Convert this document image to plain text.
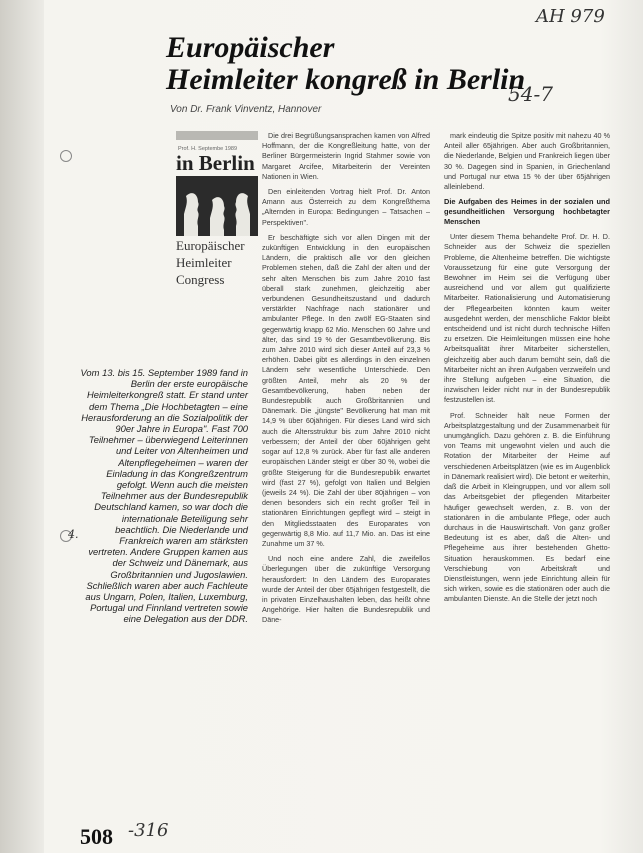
AH 979
54-7
4.
Europäischer
Heimleiter kongreß in Berlin
Von Dr. Frank Vinventz, Hannover
Prof. H. Septembe 1989
in Berlin
Europäischer
Heimleiter
Congress
Vom 13. bis 15. September 1989 fand in Berlin der erste europäische Heimleiterkongreß statt. Er stand unter dem Thema „Die Hochbetagten – eine Herausforderung an die Sozialpolitik der 90er Jahre in Europa". Fast 700 Teilnehmer – überwiegend Leiterinnen und Leiter von Altenheimen und Altenpflegeheimen – waren der Einladung in das Kongreßzentrum gefolgt. Wenn auch die meisten Teilnehmer aus der Bundesrepublik Deutschland kamen, so war doch die internationale Beteiligung sehr beachtlich. Die Niederlande und Frankreich waren am stärksten vertreten. Andere Gruppen kamen aus der Schweiz und Dänemark, aus Großbritannien und Jugoslawien. Schließlich waren aber auch Fachleute aus Ungarn, Polen, Italien, Luxemburg, Portugal und Finnland vertreten sowie eine Delegation aus der DDR.

Die drei Begrüßungsansprachen kamen von Alfred Hoffmann, der die Kongreßleitung hatte, von der Berliner Bürgermeisterin Ingrid Stahmer sowie von Margaret Arcifee, Mitarbeiterin der Vereinten Nationen in Wien.

Den einleitenden Vortrag hielt Prof. Dr. Anton Amann aus Österreich zu dem Kongreßthema „Alternden in Europa: Bedingungen – Tatsachen – Perspektiven".

Er beschäftigte sich vor allen Dingen mit der zukünftigen Entwicklung in den europäischen Ländern, die praktisch alle vor den gleichen Problemen stehen, daß die Zahl der alten und der sehr alten Menschen bis zum Jahre 2010 fast überall stark zunehmen, gleichzeitig aber verbundenen Gesundheitszustand und dadurch verstärkter Nachfrage nach stationärer und ambulanter Pflege. In den zwölf EG-Staaten sind gegenwärtig knapp 62 Mio. Menschen 60 Jahre und älter, das sind 19 % der Gesamtbevölkerung. Bis zum Jahre 2010 wird sich dieser Anteil auf 23,3 % erhöhen. Dabei gibt es allerdings in den einzelnen Ländern sehr wesentliche Unterschiede. Den größten Anteil, mehr als 20 % der Gesamtbevölkerung, haben neben der Bundesrepublik auch Großbritannien und Dänemark. Die „jüngste" Bevölkerung hat man mit 14,9 % über 60jährigen. Für dieses Land wird sich auch die Altersstruktur bis zum Jahre 2010 nicht verbessern; der Anteil der über 60jährigen geht sogar auf 12,8 % zurück. Aber für fast alle anderen europäischen Länder steigt er über 30 %, wobei die größte Steigerung für die Bundesrepublik erwartet wird (fast 27 %), gefolgt von Italien und Belgien (jeweils 24 %). Die Zahl der über 80jährigen – von denen besonders sich ein recht großer Teil in stationären Einrichtungen gepflegt wird – steigt in den Mitgliedsstaaten des Europarates von gegenwärtig 8,8 Mio. auf 11,7 Mio. an. Das ist eine Zunahme um 37 %.

Und noch eine andere Zahl, die zweifellos Überlegungen über die zukünftige Versorgung herausfordert: In den Ländern des Europarates wurde der Anteil der über 65jährigen festgestellt, die in privaten Einzelhaushalten leben, das heißt ohne Angehörige. Hier halten die Bundesrepublik und Däne-

mark eindeutig die Spitze positiv mit nahezu 40 % Anteil aller 65jährigen. Aber auch Großbritannien, die Niederlande, Belgien und Frankreich liegen über 30 %. Dagegen sind in Spanien, in Griechenland und Portugal nur etwa 15 % der über 65jährigen alleinlebend.

Die Aufgaben des Heimes in der sozialen und gesundheitlichen Versorgung hochbetagter Menschen

Unter diesem Thema behandelte Prof. Dr. H. D. Schneider aus der Schweiz die speziellen Probleme, die Altenheime betreffen. Die wichtigste Voraussetzung für eine gute Versorgung der Bewohner im Heim sei die Verfügung über ausreichend und vor allem gut qualifizierte Mitarbeiter. Rationalisierung und Automatisierung der Pflegearbeiten könnten kaum weiter ausgedehnt werden, der menschliche Faktor bleibt entscheidend und ist nicht durch technische Hilfen zu ersetzen. Die Heimleitungen müssen eine hohe Arbeitsqualität ihrer Mitarbeiter sicherstellen, gleichzeitig aber auch darum bemüht sein, daß die Mitarbeiter nicht an ihren Aufgaben verzweifeln und ihre Stellung aufgeben – eine Situation, die inzwischen leider nicht nur in der Bundesrepublik festzustellen ist.

Prof. Schneider hält neue Formen der Arbeitsplatzgestaltung und der Zusammenarbeit für unumgänglich. Dazu gehören z. B. die Einführung von Teams mit ungewohnt vielen und auch die Rotation der Mitarbeiter der Heime auf verschiedenen Arbeitsplätzen (wie es im Augenblick in Dänemark realisiert wird). Die betont er weiterhin, daß die Arbeit in Kleingruppen, und vor allem soll das Arbeitsgebiet der pflegenden Mitarbeiter häufiger gewechselt werden, z. B. von der stationären in die ambulante Pflege, oder auch durchaus in die Hauswirtschaft. Von ganz großer Bedeutung ist es aber, daß die Alten- und Pflegeheime aus ihrer bestehenden Ghetto-Situation herauskommen. Es bedarf eine Verschiebung von Arbeitskraft und Dienstleistungen, wenn jede Einrichtung allein für sich wirken, sowie es die stationären oder auch die ambulanten Dienste. An die Stelle der jetzt noch

508 -316
